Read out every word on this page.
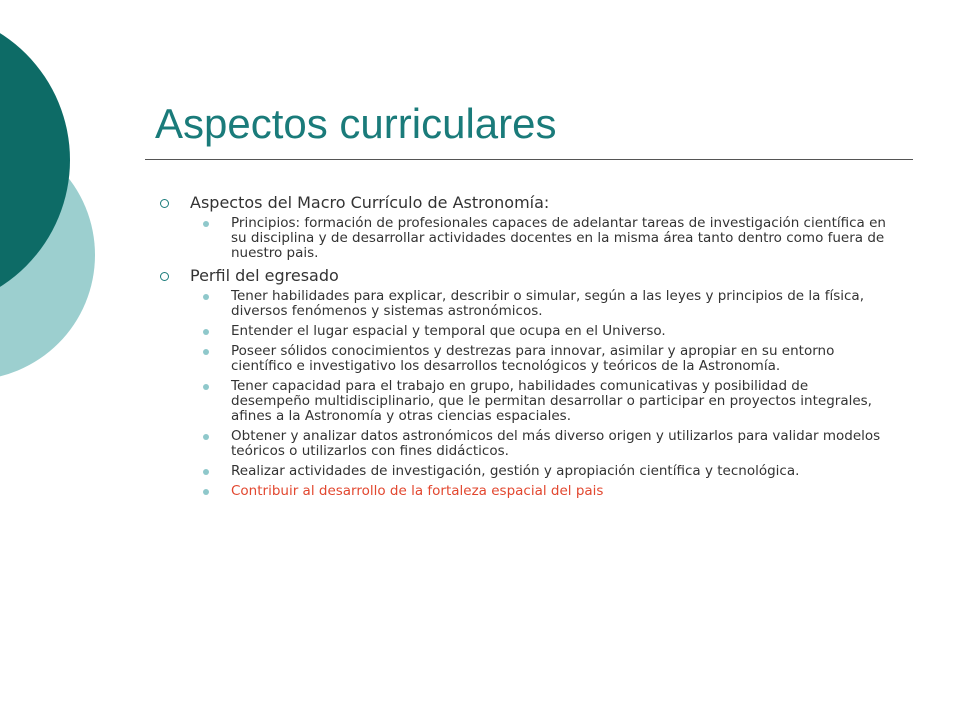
Aspectos curriculares
Aspectos del Macro Currículo de Astronomía:
Principios: formación de profesionales capaces de adelantar tareas de investigación científica en su disciplina y de desarrollar actividades docentes en la misma área tanto dentro como fuera de nuestro pais.
Perfil del egresado
Tener habilidades para explicar, describir o simular, según a las leyes y principios de la física, diversos fenómenos y sistemas astronómicos.
Entender el lugar espacial y temporal que ocupa en el Universo.
Poseer sólidos conocimientos y destrezas para innovar, asimilar y apropiar en su entorno científico e investigativo los desarrollos tecnológicos y teóricos de la Astronomía.
Tener capacidad para el trabajo en grupo, habilidades comunicativas y posibilidad de desempeño multidisciplinario, que le permitan desarrollar o participar en proyectos integrales, afines a la Astronomía y otras ciencias espaciales.
Obtener y analizar datos astronómicos del más diverso origen y utilizarlos para validar modelos teóricos o utilizarlos con fines didácticos.
Realizar actividades de investigación, gestión y apropiación científica y tecnológica.
Contribuir al desarrollo de la fortaleza espacial del pais
